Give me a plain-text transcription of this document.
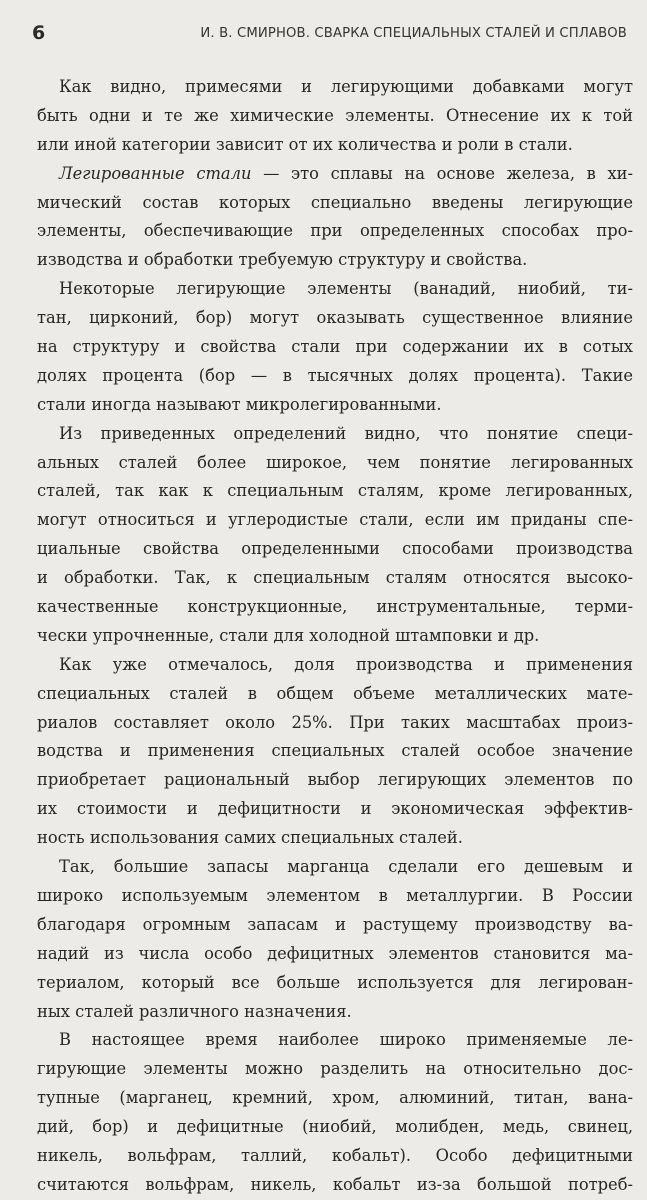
6	И. В. СМИРНОВ. СВАРКА СПЕЦИАЛЬНЫХ СТАЛЕЙ И СПЛАВОВ
Как видно, примесями и легирующими добавками могут
быть одни и те же химические элементы. Отнесение их к той
или иной категории зависит от их количества и роли в стали.
Легированные стали — это сплавы на основе железа, в хи-
мический состав которых специально введены легирующие
элементы, обеспечивающие при определенных способах про-
изводства и обработки требуемую структуру и свойства.
Некоторые легирующие элементы (ванадий, ниобий, ти-
тан, цирконий, бор) могут оказывать существенное влияние
на структуру и свойства стали при содержании их в сотых
долях процента (бор — в тысячных долях процента). Такие
стали иногда называют микролегированными.
Из приведенных определений видно, что понятие специ-
альных сталей более широкое, чем понятие легированных
сталей, так как к специальным сталям, кроме легированных,
могут относиться и углеродистые стали, если им приданы спе-
циальные свойства определенными способами производства
и обработки. Так, к специальным сталям относятся высоко-
качественные конструкционные, инструментальные, терми-
чески упрочненные, стали для холодной штамповки и др.
Как уже отмечалось, доля производства и применения
специальных сталей в общем объеме металлических мате-
риалов составляет около 25%. При таких масштабах произ-
водства и применения специальных сталей особое значение
приобретает рациональный выбор легирующих элементов по
их стоимости и дефицитности и экономическая эффектив-
ность использования самих специальных сталей.
Так, большие запасы марганца сделали его дешевым и
широко используемым элементом в металлургии. В России
благодаря огромным запасам и растущему производству ва-
надий из числа особо дефицитных элементов становится ма-
териалом, который все больше используется для легирован-
ных сталей различного назначения.
В настоящее время наиболее широко применяемые ле-
гирующие элементы можно разделить на относительно дос-
тупные (марганец, кремний, хром, алюминий, титан, вана-
дий, бор) и дефицитные (ниобий, молибден, медь, свинец,
никель, вольфрам, таллий, кобальт). Особо дефицитными
считаются вольфрам, никель, кобальт из-за большой потреб-
